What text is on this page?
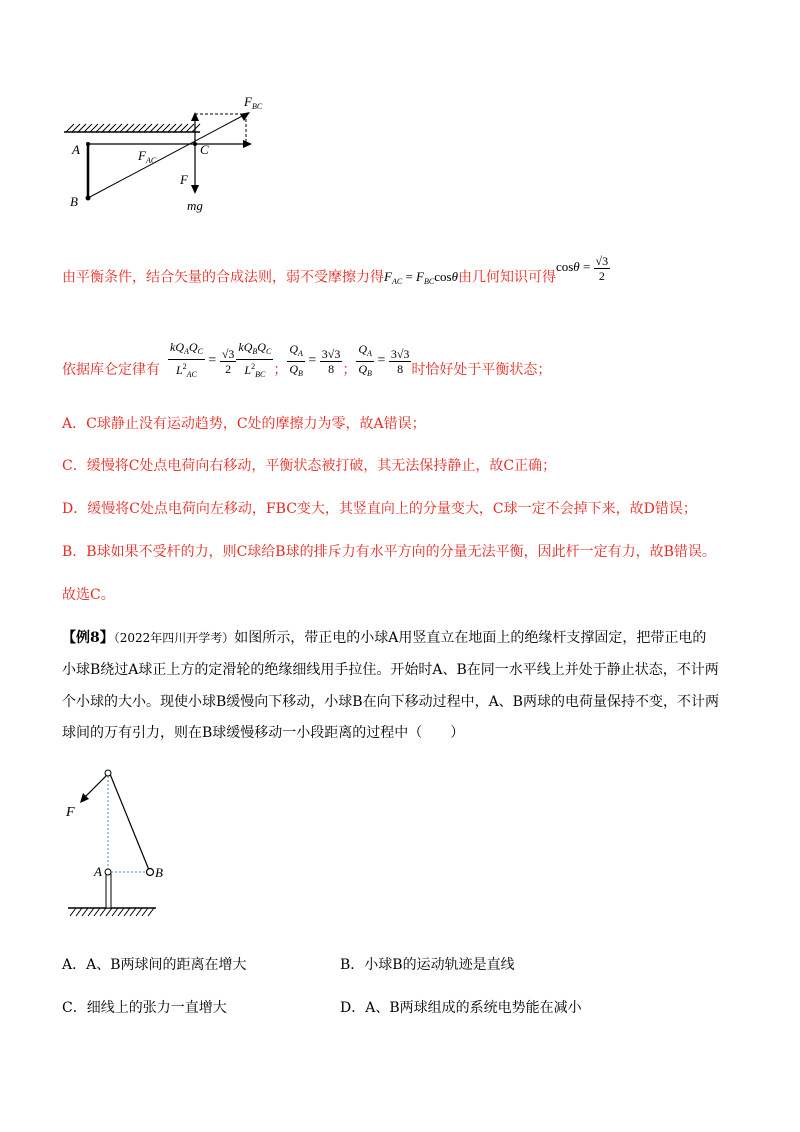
$F_{BC}$
A
B
C
$F_{AC}$
F
mg
由平衡条件，结合矢量的合成法则，弱不受摩擦力得$F_{AC} = F_{BC}\cos\theta$由几何知识可得$\cos\theta = \frac{√3}{2}$
依据库仑定律有 $\frac{kQ_AQ_C}{L^2_{AC}} = \frac{√3}{2} \frac{kQ_BQ_C}{L^2_{BC}}$ ； $\frac{Q_A}{Q_B} = \frac{3√3}{8}$ ； $\frac{Q_A}{Q_B} = \frac{3√3}{8}$ 时恰好处于平衡状态；
A．C球静止没有运动趋势，C处的摩擦力为零，故A错误；
C．缓慢将C处点电荷向右移动，平衡状态被打破，其无法保持静止，故C正确；
D．缓慢将C处点电荷向左移动，FBC变大，其竖直向上的分量变大，C球一定不会掉下来，故D错误；
B．B球如果不受杆的力，则C球给B球的排斥力有水平方向的分量无法平衡，因此杆一定有力，故B错误。
故选C。
【例8】（2022年四川开学考）如图所示，带正电的小球A用竖直立在地面上的绝缘杆支撑固定，把带正电的
小球B绕过A球正上方的定滑轮的绝缘细线用手拉住。开始时A、B在同一水平线上并处于静止状态，不计两
个小球的大小。现使小球B缓慢向下移动，小球B在向下移动过程中，A、B两球的电荷量保持不变，不计两
球间的万有引力，则在B球缓慢移动一小段距离的过程中（　　）
F
A	B
A．A、B两球间的距离在增大	B．小球B的运动轨迹是直线
C．细线上的张力一直增大	D．A、B两球组成的系统电势能在减小
